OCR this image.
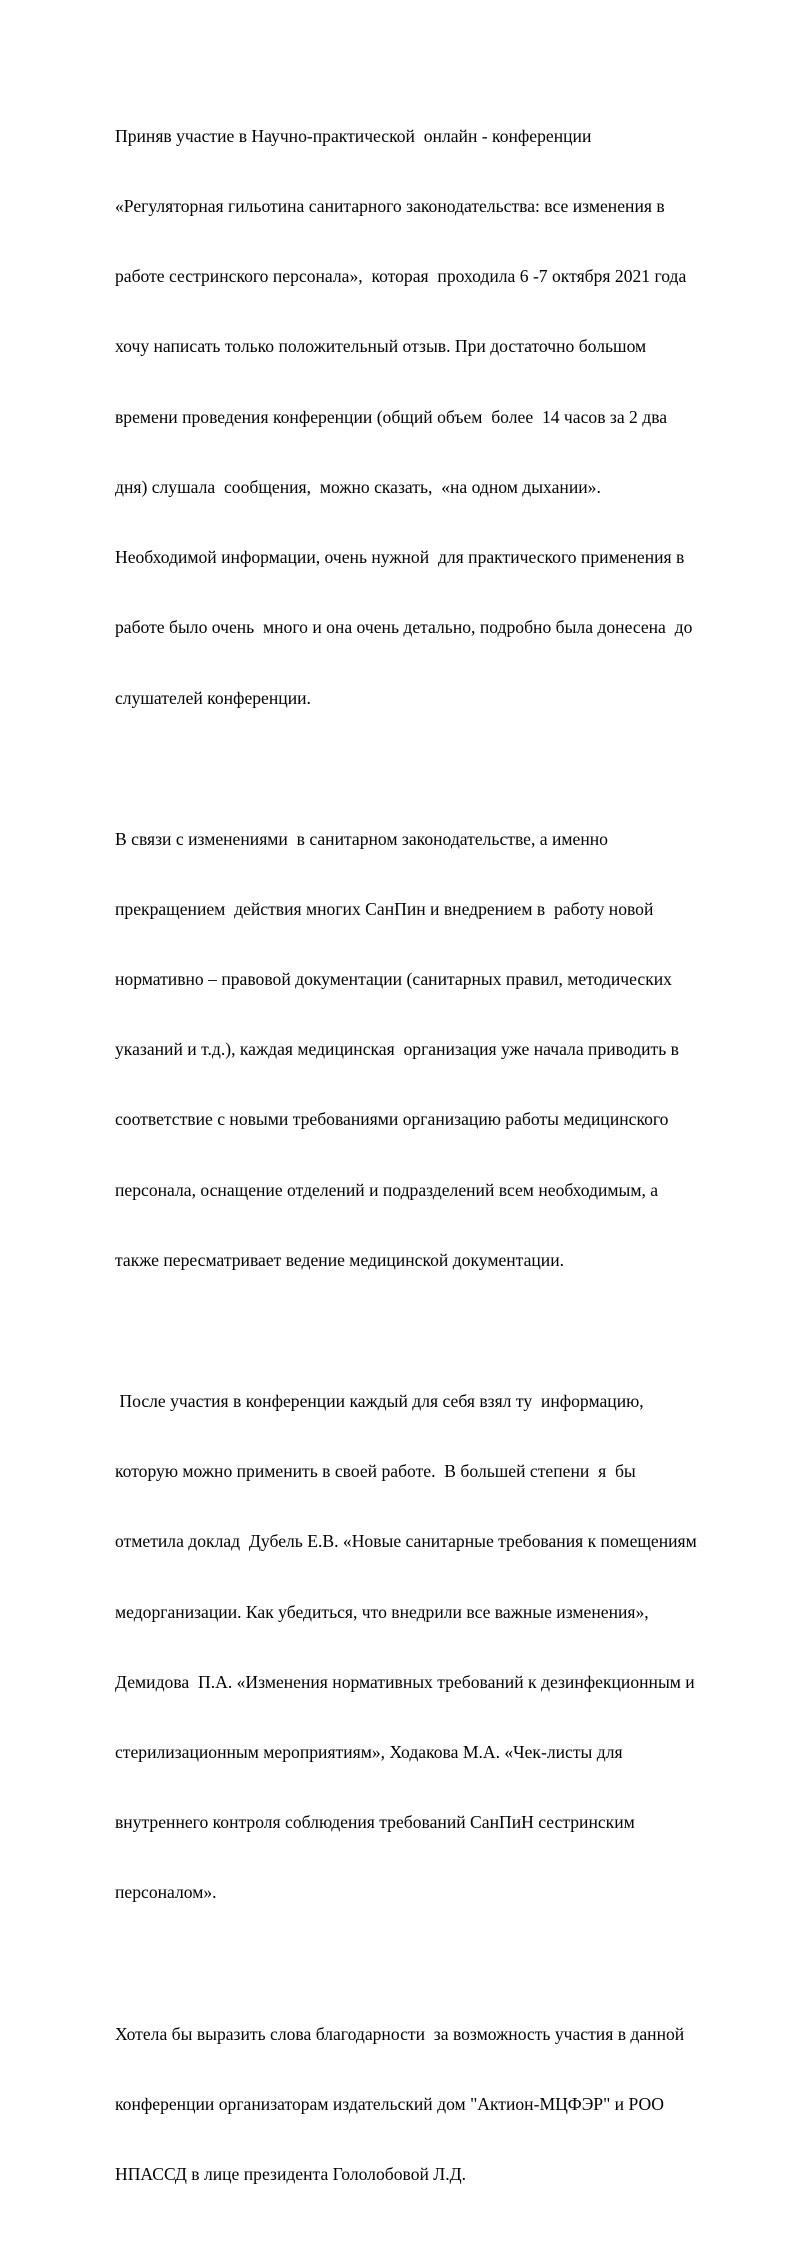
Приняв участие в Научно-практической  онлайн - конференции

«Регуляторная гильотина санитарного законодательства: все изменения в

работе сестринского персонала»,  которая  проходила 6 -7 октября 2021 года

хочу написать только положительный отзыв. При достаточно большом

времени проведения конференции (общий объем  более  14 часов за 2 два

дня) слушала  сообщения,  можно сказать,  «на одном дыхании».

Необходимой информации, очень нужной  для практического применения в

работе было очень  много и она очень детально, подробно была донесена  до

слушателей конференции.

В связи с изменениями  в санитарном законодательстве, а именно

прекращением  действия многих СанПин и внедрением в  работу новой

нормативно – правовой документации (санитарных правил, методических

указаний и т.д.), каждая медицинская  организация уже начала приводить в

соответствие с новыми требованиями организацию работы медицинского

персонала, оснащение отделений и подразделений всем необходимым, а

также пересматривает ведение медицинской документации.

После участия в конференции каждый для себя взял ту  информацию,

которую можно применить в своей работе.  В большей степени  я  бы

отметила доклад  Дубель Е.В. «Новые санитарные требования к помещениям

медорганизации. Как убедиться, что внедрили все важные изменения»,

Демидова  П.А. «Изменения нормативных требований к дезинфекционным и

стерилизационным мероприятиям», Ходакова М.А. «Чек-листы для

внутреннего контроля соблюдения требований СанПиН сестринским

персоналом».

Хотела бы выразить слова благодарности  за возможность участия в данной

конференции организаторам издательский дом "Актион-МЦФЭР" и РОО

НПАССД в лице президента Гололобовой Л.Д.
